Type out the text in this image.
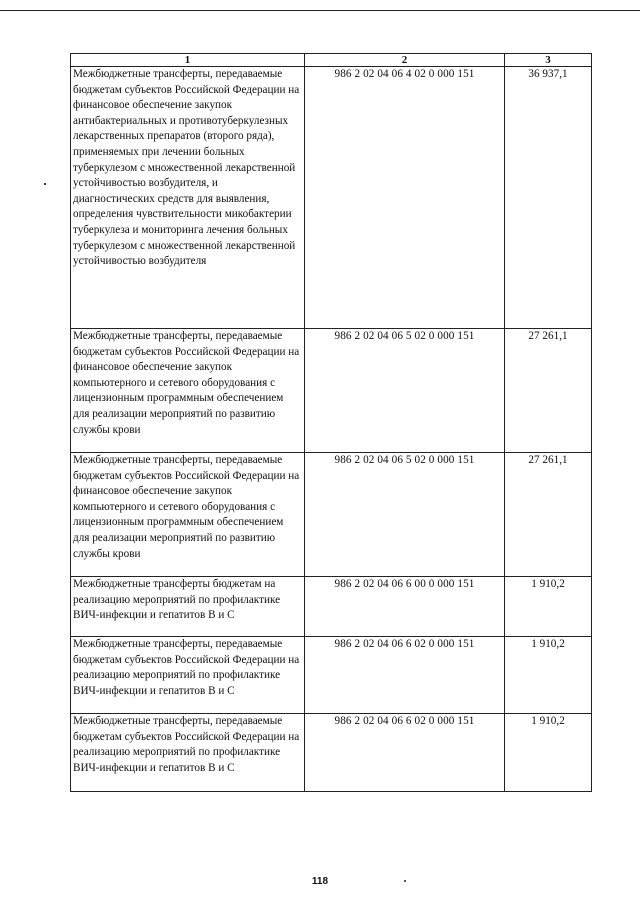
1	2	3
Межбюджетные трансферты, передаваемые бюджетам субъектов Российской Федерации на финансовое обеспечение закупок антибактериальных и противотуберкулезных лекарственных препаратов (второго ряда), применяемых при лечении больных туберкулезом с множественной лекарственной устойчивостью возбудителя, и диагностических средств для выявления, определения чувствительности микобактерии туберкулеза и мониторинга лечения больных туберкулезом с множественной лекарственной устойчивостью возбудителя	986 2 02 04 06 4 02 0 000 151	36 937,1
Межбюджетные трансферты, передаваемые бюджетам субъектов Российской Федерации на финансовое обеспечение закупок компьютерного и сетевого оборудования с лицензионным программным обеспечением для реализации мероприятий по развитию службы крови	986 2 02 04 06 5 02 0 000 151	27 261,1
Межбюджетные трансферты, передаваемые бюджетам субъектов Российской Федерации на финансовое обеспечение закупок компьютерного и сетевого оборудования с лицензионным программным обеспечением для реализации мероприятий по развитию службы крови	986 2 02 04 06 5 02 0 000 151	27 261,1
Межбюджетные трансферты бюджетам на реализацию мероприятий по профилактике ВИЧ-инфекции и гепатитов В и С	986 2 02 04 06 6 00 0 000 151	1 910,2
Межбюджетные трансферты, передаваемые бюджетам субъектов Российской Федерации на реализацию мероприятий по профилактике ВИЧ-инфекции и гепатитов В и С	986 2 02 04 06 6 02 0 000 151	1 910,2
Межбюджетные трансферты, передаваемые бюджетам субъектов Российской Федерации на реализацию мероприятий по профилактике ВИЧ-инфекции и гепатитов В и С	986 2 02 04 06 6 02 0 000 151	1 910,2
118
